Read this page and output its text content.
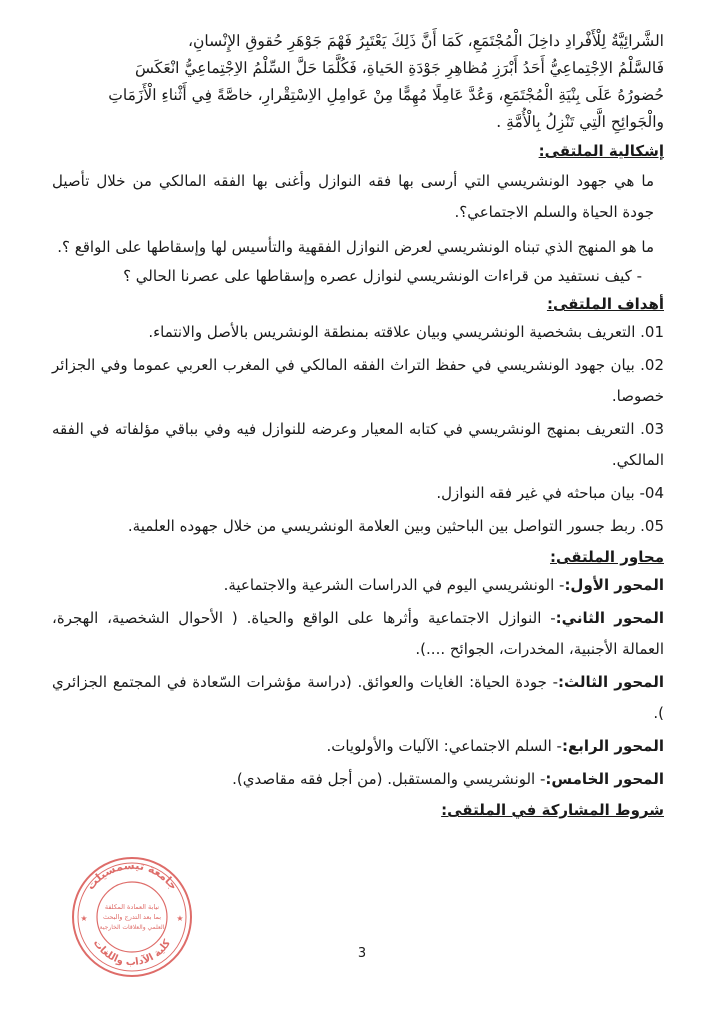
الشَّرائِيَّةُ لِلْأَفْرادِ داخِلَ الْمُجْتَمَعِ، كَمَا أَنَّ ذَلِكَ يَعْتَبِرُ فَهْمَ جَوْهَرِ حُقوقِ الإِنْسانِ،

فَالسَّلْمُ الاِجْتِماعِيُّ أَحَدُ أَبْرَزِ مُظاهِرِ جَوْدَةِ الحَياةِ، فَكُلَّمَا حَلَّ السِّلْمُ الاِجْتِماعِيُّ انْعَكَسَ

حُضورُهُ عَلَى بِنْيَةِ الْمُجْتَمَعِ، وَعُدَّ عَامِلًا مُهِمًّا مِنْ عَوامِلِ الاِسْتِقْرارِ، خاصَّةً فِي أَثْناءِ الْأَزَمَاتِ

والْجَوائِحِ الَّتِي تَنْزِلُ بِالْأُمَّةِ .

إشكالية الملتقى:

ما هي جهود الونشريسي التي أرسى بها فقه النوازل وأغنى بها الفقه المالكي من خلال تأصيل جودة الحياة والسلم الاجتماعي؟.

ما هو المنهج الذي تبناه الونشريسي لعرض النوازل الفقهية والتأسيس لها وإسقاطها على الواقع ؟.

- كيف نستفيد من قراءات الونشريسي لنوازل عصره وإسقاطها على عصرنا الحالي ؟

أهداف الملتقى:

01. التعريف بشخصية الونشريسي وبيان علاقته بمنطقة الونشريس بالأصل والانتماء.

02. بيان جهود الونشريسي في حفظ التراث الفقه المالكي في المغرب العربي عموما وفي الجزائر خصوصا.

03. التعريف بمنهج الونشريسي في كتابه المعيار وعرضه للنوازل فيه وفي بباقي مؤلفاته في الفقه المالكي.

04- بيان مباحثه في غير فقه النوازل.

05. ربط جسور التواصل بين الباحثين وبين العلامة الونشريسي من خلال جهوده العلمية.

محاور الملتقى:

المحور الأول:- الونشريسي اليوم في الدراسات الشرعية والاجتماعية.

المحور الثاني:- النوازل الاجتماعية وأثرها على الواقع والحياة. ( الأحوال الشخصية، الهجرة، العمالة الأجنبية، المخدرات، الجوائح ....).

المحور الثالث:- جودة الحياة: الغايات والعوائق. (دراسة مؤشرات السّعادة في المجتمع الجزائري ).

المحور الرابع:- السلم الاجتماعي: الآليات والأولويات.

المحور الخامس:- الونشريسي والمستقبل. (من أجل فقه مقاصدي).

شروط المشاركة في الملتقى:
جامعة تيسمسيلت
كلية الآداب واللغات
نيابة العمادة المكلفة
بما بعد التدرج والبحث
العلمي والعلاقات الخارجية
★	★
3
